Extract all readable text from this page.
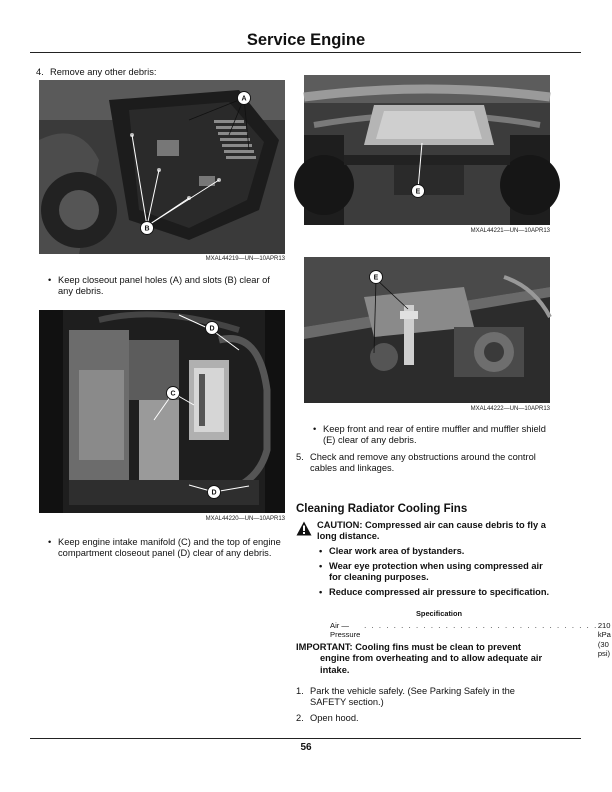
Service Engine
4. Remove any other debris:
A
B
MXAL44219—UN—10APR13
• Keep closeout panel holes (A) and slots (B) clear of any debris.
D
C
D
MXAL44220—UN—10APR13
• Keep engine intake manifold (C) and the top of engine compartment closeout panel (D) clear of any debris.
E
MXAL44221—UN—10APR13
E
MXAL44222—UN—10APR13
• Keep front and rear of entire muffler and muffler shield (E) clear of any debris.
5. Check and remove any obstructions around the control cables and linkages.
Cleaning Radiator Cooling Fins
CAUTION: Compressed air can cause debris to fly a long distance.
• Clear work area of bystanders.
• Wear eye protection when using compressed air for cleaning purposes.
• Reduce compressed air pressure to specification.
Specification
Air — Pressure
. . . . . . . . . . . . . . . . . . . . . . . . . . . . . . . . 210 kPa (30 psi)
IMPORTANT: Cooling fins must be clean to prevent engine from overheating and to allow adequate air intake.
1. Park the vehicle safely. (See Parking Safely in the SAFETY section.)
2. Open hood.
56
